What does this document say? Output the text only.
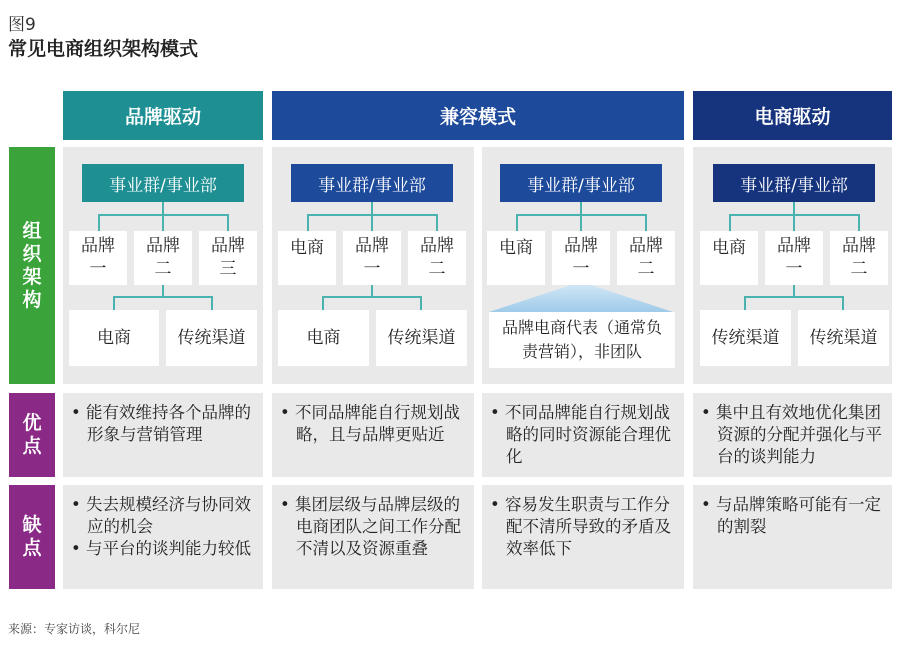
图9
常见电商组织架构模式
品牌驱动	兼容模式	电商驱动
组织架构
优点
缺点
事业群/事业部
品牌一
品牌二
品牌三
电商	传统渠道
事业群/事业部
电商	品牌一
品牌二
电商	传统渠道
事业群/事业部
电商	品牌一
品牌二
品牌电商代表（通常负责营销），非团队
事业群/事业部
电商	品牌一
品牌二
传统渠道	传统渠道
• 能有效维持各个品牌的形象与营销管理
• 不同品牌能自行规划战略，且与品牌更贴近
• 不同品牌能自行规划战略的同时资源能合理优化
• 集中且有效地优化集团资源的分配并强化与平台的谈判能力
• 失去规模经济与协同效应的机会
• 与平台的谈判能力较低
• 集团层级与品牌层级的电商团队之间工作分配不清以及资源重叠
• 容易发生职责与工作分配不清所导致的矛盾及效率低下
• 与品牌策略可能有一定的割裂
来源：专家访谈，科尔尼
